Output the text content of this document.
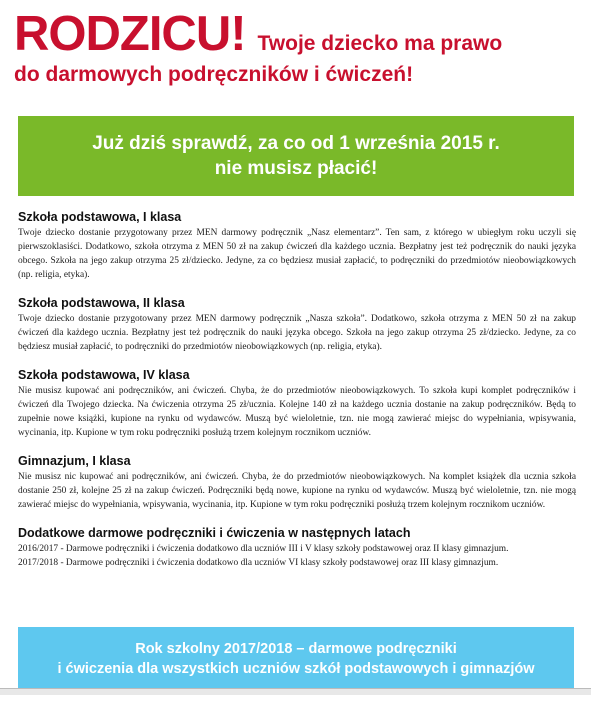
RODZICU! Twoje dziecko ma prawo
do darmowych podręczników i ćwiczeń!
Już dziś sprawdź, za co od 1 września 2015 r.
nie musisz płacić!
Szkoła podstawowa, I klasa

Twoje dziecko dostanie przygotowany przez MEN darmowy podręcznik „Nasz elementarz”. Ten sam, z którego w ubiegłym roku uczyli się pierwszoklasiści. Dodatkowo, szkoła otrzyma z MEN 50 zł na zakup ćwiczeń dla każdego ucznia. Bezpłatny jest też podręcznik do nauki języka obcego. Szkoła na jego zakup otrzyma 25 zł/dziecko. Jedyne, za co będziesz musiał zapłacić, to podręczniki do przedmiotów nieobowiązkowych (np. religia, etyka).

Szkoła podstawowa, II klasa

Twoje dziecko dostanie przygotowany przez MEN darmowy podręcznik „Nasza szkoła”. Dodatkowo, szkoła otrzyma z MEN 50 zł na zakup ćwiczeń dla każdego ucznia. Bezpłatny jest też podręcznik do nauki języka obcego. Szkoła na jego zakup otrzyma 25 zł/dziecko. Jedyne, za co będziesz musiał zapłacić, to podręczniki do przedmiotów nieobowiązkowych (np. religia, etyka).

Szkoła podstawowa, IV klasa

Nie musisz kupować ani podręczników, ani ćwiczeń. Chyba, że do przedmiotów nieobowiązkowych. To szkoła kupi komplet podręczników i ćwiczeń dla Twojego dziecka. Na ćwiczenia otrzyma 25 zł/ucznia. Kolejne 140 zł na każdego ucznia dostanie na zakup podręczników. Będą to zupełnie nowe książki, kupione na rynku od wydawców. Muszą być wieloletnie, tzn. nie mogą zawierać miejsc do wypełniania, wpisywania, wycinania, itp. Kupione w tym roku podręczniki posłużą trzem kolejnym rocznikom uczniów.

Gimnazjum, I klasa

Nie musisz nic kupować ani podręczników, ani ćwiczeń. Chyba, że do przedmiotów nieobowiązkowych. Na komplet książek dla ucznia szkoła dostanie 250 zł, kolejne 25 zł na zakup ćwiczeń. Podręczniki będą nowe, kupione na rynku od wydawców. Muszą być wieloletnie, tzn. nie mogą zawierać miejsc do wypełniania, wpisywania, wycinania, itp. Kupione w tym roku podręczniki posłużą trzem kolejnym rocznikom uczniów.

Dodatkowe darmowe podręczniki i ćwiczenia w następnych latach
2016/2017 - Darmowe podręczniki i ćwiczenia dodatkowo dla uczniów III i V klasy szkoły podstawowej oraz II klasy gimnazjum.
2017/2018 - Darmowe podręczniki i ćwiczenia dodatkowo dla uczniów VI klasy szkoły podstawowej oraz III klasy gimnazjum.
Rok szkolny 2017/2018 – darmowe podręczniki
i ćwiczenia dla wszystkich uczniów szkół podstawowych i gimnazjów
